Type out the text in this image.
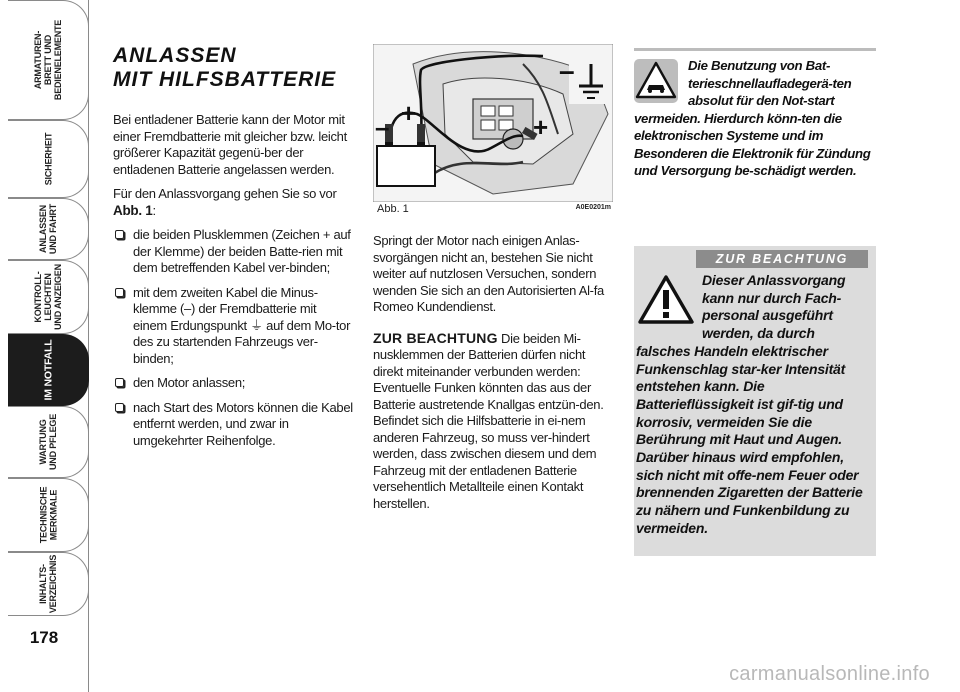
ARMATUREN-
BRETT UND
BEDIENELEMENTE
SICHERHEIT
ANLASSEN
UND FAHRT
KONTROLL-
LEUCHTEN
UND ANZEIGEN
IM NOTFALL
WARTUNG
UND PFLEGE
TECHNISCHE
MERKMALE
INHALTS-
VERZEICHNIS
178
ANLASSEN
MIT HILFSBATTERIE

Bei entladener Batterie kann der Motor mit einer Fremdbatterie mit gleicher bzw. leicht größerer Kapazität gegenü-ber der entladenen Batterie angelassen werden.

Für den Anlassvorgang gehen Sie so vor Abb. 1:

die beiden Plusklemmen (Zeichen + auf der Klemme) der beiden Batte-rien mit dem betreffenden Kabel ver-binden;
mit dem zweiten Kabel die Minus-klemme (–) der Fremdbatterie mit einem Erdungspunkt ⏚ auf dem Mo-tor des zu startenden Fahrzeugs ver-binden;
den Motor anlassen;
nach Start des Motors können die Kabel entfernt werden, und zwar in umgekehrter Reihenfolge.
– +
–
+
Abb. 1	A0E0201m

Springt der Motor nach einigen Anlas-svorgängen nicht an, bestehen Sie nicht weiter auf nutzlosen Versuchen, sondern wenden Sie sich an den Autorisierten Al-fa Romeo Kundendienst.

ZUR BEACHTUNG Die beiden Mi-nusklemmen der Batterien dürfen nicht direkt miteinander verbunden werden: Eventuelle Funken könnten das aus der Batterie austretende Knallgas entzün-den. Befindet sich die Hilfsbatterie in ei-nem anderen Fahrzeug, so muss ver-hindert werden, dass zwischen diesem und dem Fahrzeug mit der entladenen Batterie versehentlich Metallteile einen Kontakt herstellen.

Die Benutzung von Bat-terieschnellaufladegerä-ten absolut für den Not-start vermeiden. Hierdurch könn-ten die elektronischen Systeme und im Besonderen die Elektronik für Zündung und Versorgung be-schädigt werden.
ZUR BEACHTUNG
Dieser Anlassvorgang kann nur durch Fach-personal ausgeführt werden, da durch falsches Handeln elektrischer Funkenschlag star-ker Intensität entstehen kann. Die Batterieflüssigkeit ist gif-tig und korrosiv, vermeiden Sie die Berührung mit Haut und Augen. Darüber hinaus wird empfohlen, sich nicht mit offe-nem Feuer oder brennenden Zigaretten der Batterie zu nähern und Funkenbildung zu vermeiden.
carmanualsonline.info
